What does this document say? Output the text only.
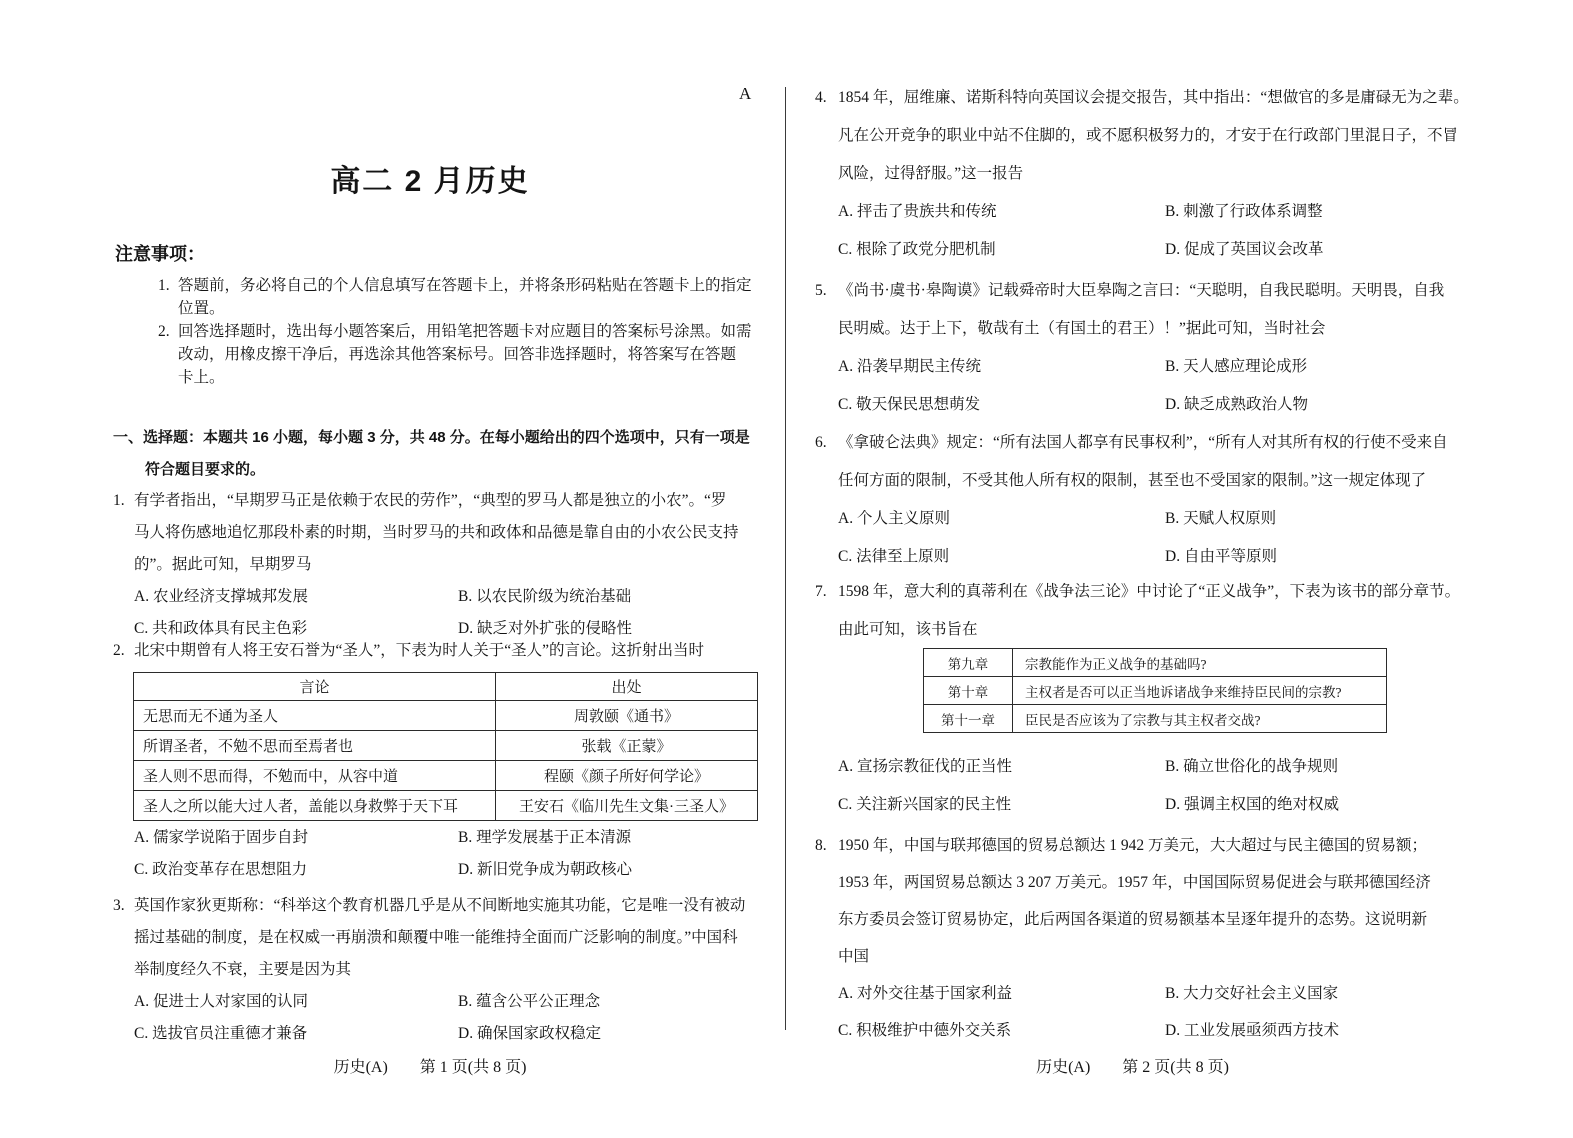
A
高二 2 月历史
注意事项：
1. 答题前，务必将自己的个人信息填写在答题卡上，并将条形码粘贴在答题卡上的指定
位置。
2. 回答选择题时，选出每小题答案后，用铅笔把答题卡对应题目的答案标号涂黑。如需
改动，用橡皮擦干净后，再选涂其他答案标号。回答非选择题时，将答案写在答题
卡上。
一、选择题：本题共 16 小题，每小题 3 分，共 48 分。在每小题给出的四个选项中，只有一项是
符合题目要求的。
1. 有学者指出，“早期罗马正是依赖于农民的劳作”，“典型的罗马人都是独立的小农”。“罗
马人将伤感地追忆那段朴素的时期，当时罗马的共和政体和品德是靠自由的小农公民支持
的”。据此可知，早期罗马
A. 农业经济支撑城邦发展	B. 以农民阶级为统治基础
C. 共和政体具有民主色彩	D. 缺乏对外扩张的侵略性
2. 北宋中期曾有人将王安石誉为“圣人”，下表为时人关于“圣人”的言论。这折射出当时
言论	出处
无思而无不通为圣人	周敦颐《通书》
所谓圣者，不勉不思而至焉者也	张载《正蒙》
圣人则不思而得，不勉而中，从容中道	程颐《颜子所好何学论》
圣人之所以能大过人者，盖能以身救弊于天下耳	王安石《临川先生文集·三圣人》
A. 儒家学说陷于固步自封	B. 理学发展基于正本清源
C. 政治变革存在思想阻力	D. 新旧党争成为朝政核心
3. 英国作家狄更斯称：“科举这个教育机器几乎是从不间断地实施其功能，它是唯一没有被动
摇过基础的制度，是在权威一再崩溃和颠覆中唯一能维持全面而广泛影响的制度。”中国科
举制度经久不衰，主要是因为其
A. 促进士人对家国的认同	B. 蕴含公平公正理念
C. 选拔官员注重德才兼备	D. 确保国家政权稳定
历史(A)　　第 1 页(共 8 页)
4. 1854 年，屈维廉、诺斯科特向英国议会提交报告，其中指出：“想做官的多是庸碌无为之辈。
凡在公开竞争的职业中站不住脚的，或不愿积极努力的，才安于在行政部门里混日子，不冒
风险，过得舒服。”这一报告
A. 抨击了贵族共和传统	B. 刺激了行政体系调整
C. 根除了政党分肥机制	D. 促成了英国议会改革
5. 《尚书·虞书·皋陶谟》记载舜帝时大臣皋陶之言曰：“天聪明，自我民聪明。天明畏，自我
民明威。达于上下，敬哉有土（有国土的君王）！”据此可知，当时社会
A. 沿袭早期民主传统	B. 天人感应理论成形
C. 敬天保民思想萌发	D. 缺乏成熟政治人物
6. 《拿破仑法典》规定：“所有法国人都享有民事权利”，“所有人对其所有权的行使不受来自
任何方面的限制，不受其他人所有权的限制，甚至也不受国家的限制。”这一规定体现了
A. 个人主义原则	B. 天赋人权原则
C. 法律至上原则	D. 自由平等原则
7. 1598 年，意大利的真蒂利在《战争法三论》中讨论了“正义战争”，下表为该书的部分章节。
由此可知，该书旨在
第九章	宗教能作为正义战争的基础吗?
第十章	主权者是否可以正当地诉诸战争来维持臣民间的宗教?
第十一章	臣民是否应该为了宗教与其主权者交战?
A. 宣扬宗教征伐的正当性	B. 确立世俗化的战争规则
C. 关注新兴国家的民主性	D. 强调主权国的绝对权威
8. 1950 年，中国与联邦德国的贸易总额达 1 942 万美元，大大超过与民主德国的贸易额；
1953 年，两国贸易总额达 3 207 万美元。1957 年，中国国际贸易促进会与联邦德国经济
东方委员会签订贸易协定，此后两国各渠道的贸易额基本呈逐年提升的态势。这说明新
中国
A. 对外交往基于国家利益	B. 大力交好社会主义国家
C. 积极维护中德外交关系	D. 工业发展亟须西方技术
历史(A)　　第 2 页(共 8 页)
